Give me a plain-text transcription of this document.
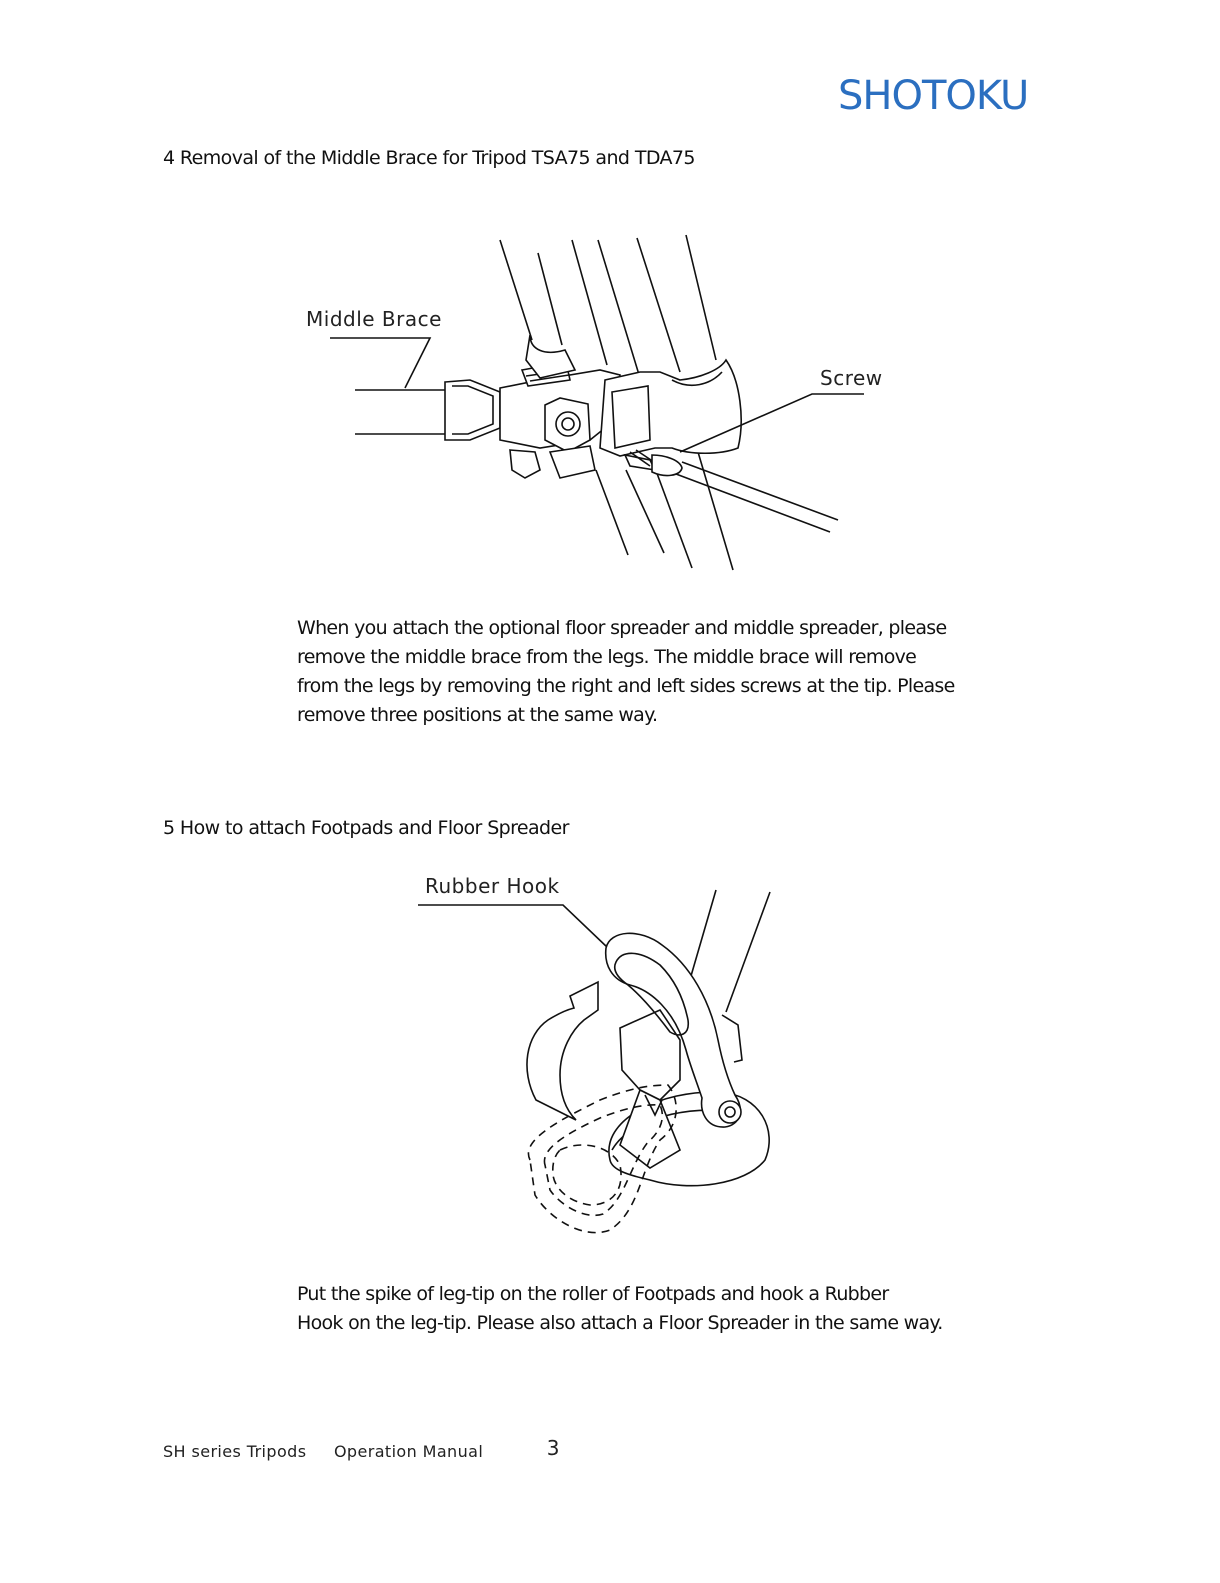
SHOTOKU
4 Removal of the Middle Brace for Tripod TSA75 and TDA75
Middle Brace
Screw

When you attach the optional floor spreader and middle spreader, please

remove the middle brace from the legs. The middle brace will remove

from the legs by removing the right and left sides screws at the tip. Please

remove three positions at the same way.

5 How to attach Footpads and Floor Spreader
Rubber Hook

Put the spike of leg-tip on the roller of Footpads and hook a Rubber

Hook on the leg-tip. Please also attach a Floor Spreader in the same way.

SH series Tripods Operation Manual	3
